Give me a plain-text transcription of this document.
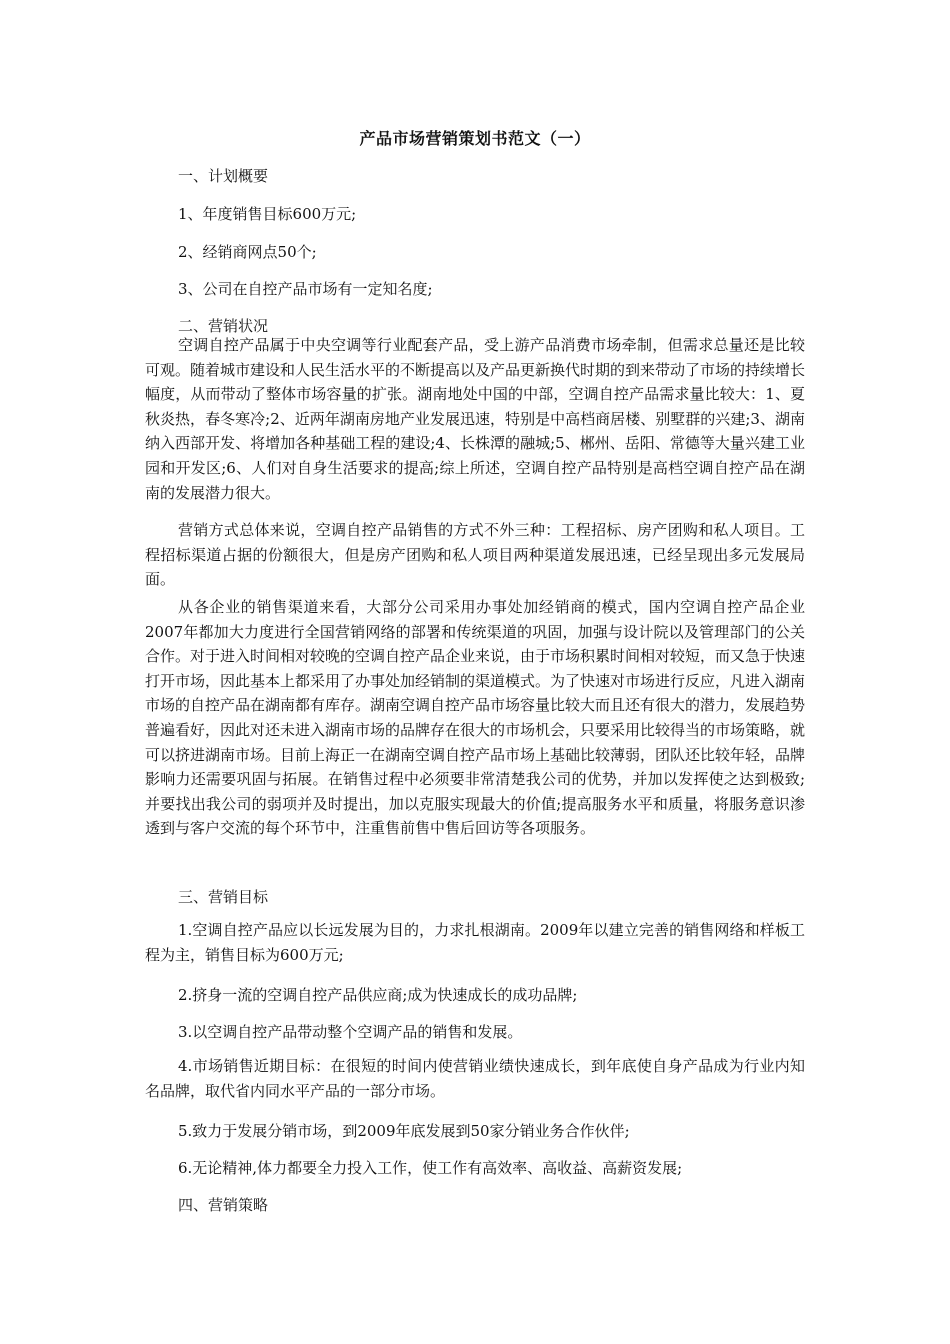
产品市场营销策划书范文（一）
一、计划概要
1、年度销售目标600万元;
2、经销商网点50个;
3、公司在自控产品市场有一定知名度;
二、营销状况

空调自控产品属于中央空调等行业配套产品，受上游产品消费市场牵制，但需求总量还是比较可观。随着城市建设和人民生活水平的不断提高以及产品更新换代时期的到来带动了市场的持续增长幅度，从而带动了整体市场容量的扩张。湖南地处中国的中部，空调自控产品需求量比较大：1、夏秋炎热，春冬寒冷;2、近两年湖南房地产业发展迅速，特别是中高档商居楼、别墅群的兴建;3、湖南纳入西部开发、将增加各种基础工程的建设;4、长株潭的融城;5、郴州、岳阳、常德等大量兴建工业园和开发区;6、人们对自身生活要求的提高;综上所述，空调自控产品特别是高档空调自控产品在湖南的发展潜力很大。

营销方式总体来说，空调自控产品销售的方式不外三种：工程招标、房产团购和私人项目。工程招标渠道占据的份额很大，但是房产团购和私人项目两种渠道发展迅速，已经呈现出多元发展局面。

从各企业的销售渠道来看，大部分公司采用办事处加经销商的模式，国内空调自控产品企业2007年都加大力度进行全国营销网络的部署和传统渠道的巩固，加强与设计院以及管理部门的公关合作。对于进入时间相对较晚的空调自控产品企业来说，由于市场积累时间相对较短，而又急于快速打开市场，因此基本上都采用了办事处加经销制的渠道模式。为了快速对市场进行反应，凡进入湖南市场的自控产品在湖南都有库存。湖南空调自控产品市场容量比较大而且还有很大的潜力，发展趋势普遍看好，因此对还未进入湖南市场的品牌存在很大的市场机会，只要采用比较得当的市场策略，就可以挤进湖南市场。目前上海正一在湖南空调自控产品市场上基础比较薄弱，团队还比较年轻，品牌影响力还需要巩固与拓展。在销售过程中必须要非常清楚我公司的优势，并加以发挥使之达到极致;并要找出我公司的弱项并及时提出，加以克服实现最大的价值;提高服务水平和质量，将服务意识渗透到与客户交流的每个环节中，注重售前售中售后回访等各项服务。

三、营销目标

1.空调自控产品应以长远发展为目的，力求扎根湖南。2009年以建立完善的销售网络和样板工程为主，销售目标为600万元;

2.挤身一流的空调自控产品供应商;成为快速成长的成功品牌;
3.以空调自控产品带动整个空调产品的销售和发展。

4.市场销售近期目标：在很短的时间内使营销业绩快速成长，到年底使自身产品成为行业内知名品牌，取代省内同水平产品的一部分市场。

5.致力于发展分销市场，到2009年底发展到50家分销业务合作伙伴;
6.无论精神,体力都要全力投入工作，使工作有高效率、高收益、高薪资发展;
四、营销策略
